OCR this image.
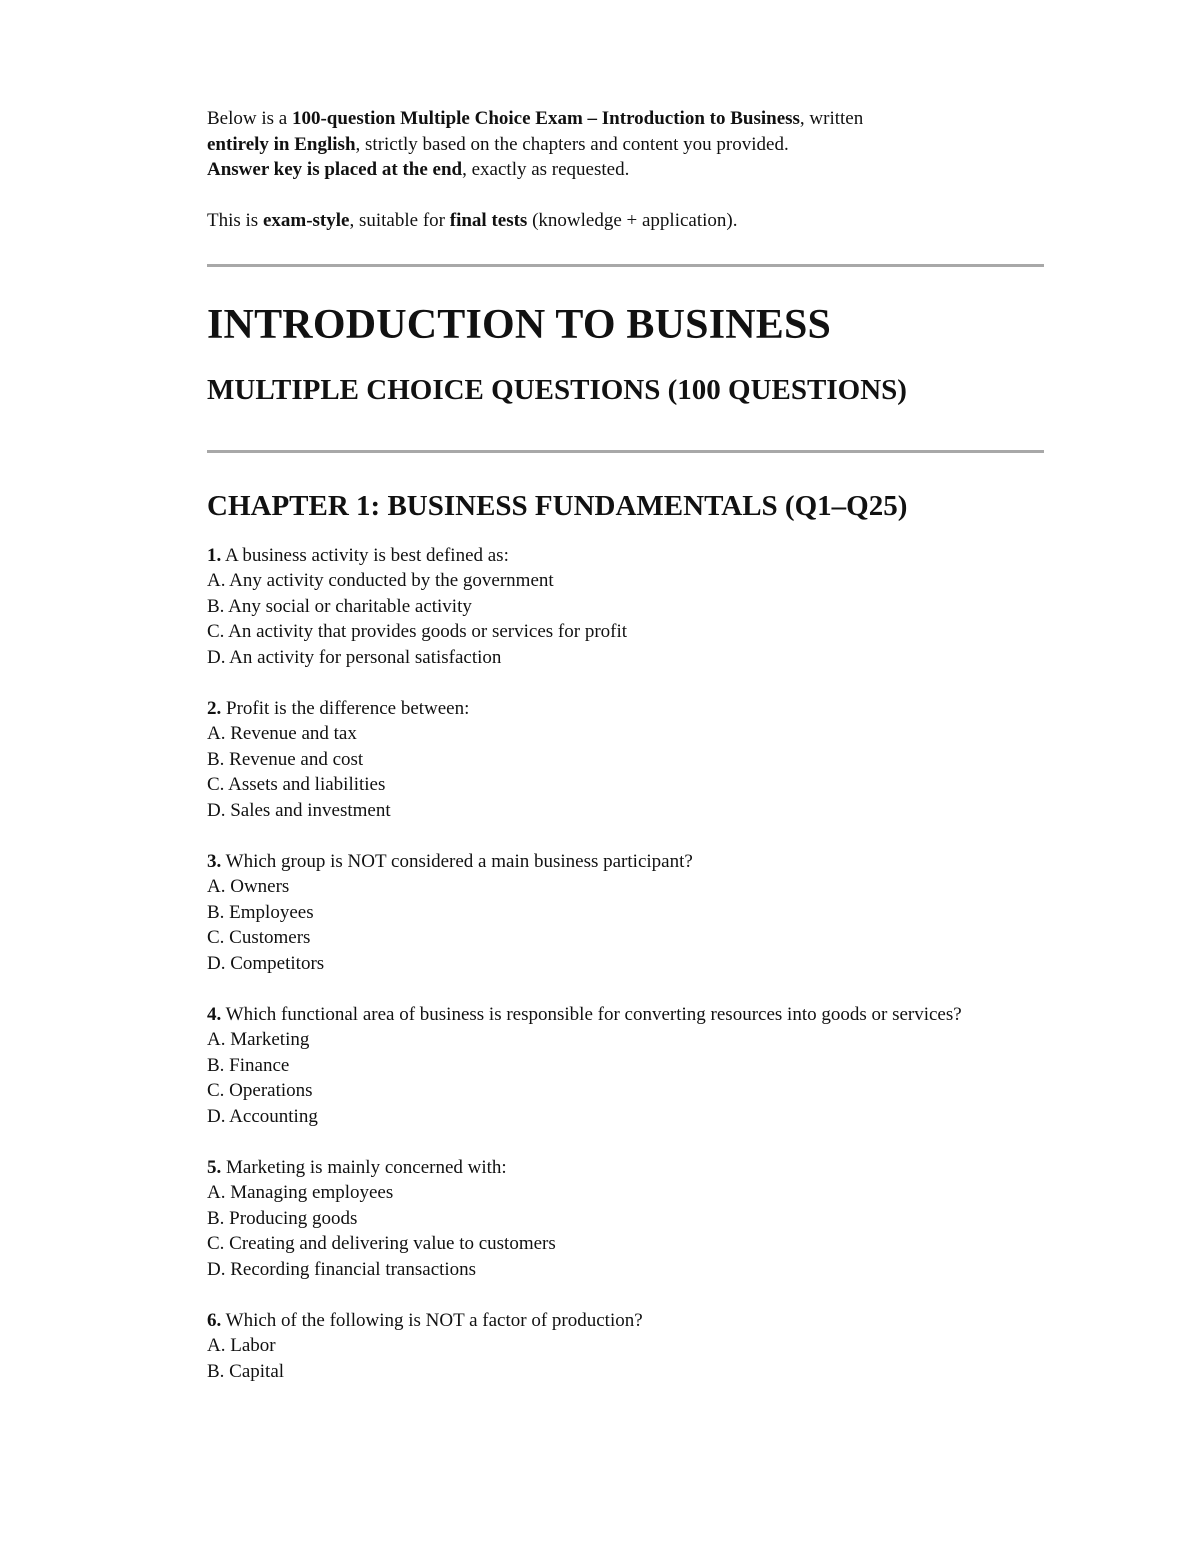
Below is a 100-question Multiple Choice Exam – Introduction to Business, written

entirely in English, strictly based on the chapters and content you provided.

Answer key is placed at the end, exactly as requested.

This is exam-style, suitable for final tests (knowledge + application).

INTRODUCTION TO BUSINESS
MULTIPLE CHOICE QUESTIONS (100 QUESTIONS)
CHAPTER 1: BUSINESS FUNDAMENTALS (Q1–Q25)

1. A business activity is best defined as:

A. Any activity conducted by the government

B. Any social or charitable activity

C. An activity that provides goods or services for profit

D. An activity for personal satisfaction

2. Profit is the difference between:

A. Revenue and tax

B. Revenue and cost

C. Assets and liabilities

D. Sales and investment

3. Which group is NOT considered a main business participant?

A. Owners

B. Employees

C. Customers

D. Competitors

4. Which functional area of business is responsible for converting resources into goods or services?

A. Marketing

B. Finance

C. Operations

D. Accounting

5. Marketing is mainly concerned with:

A. Managing employees

B. Producing goods

C. Creating and delivering value to customers

D. Recording financial transactions

6. Which of the following is NOT a factor of production?

A. Labor

B. Capital
